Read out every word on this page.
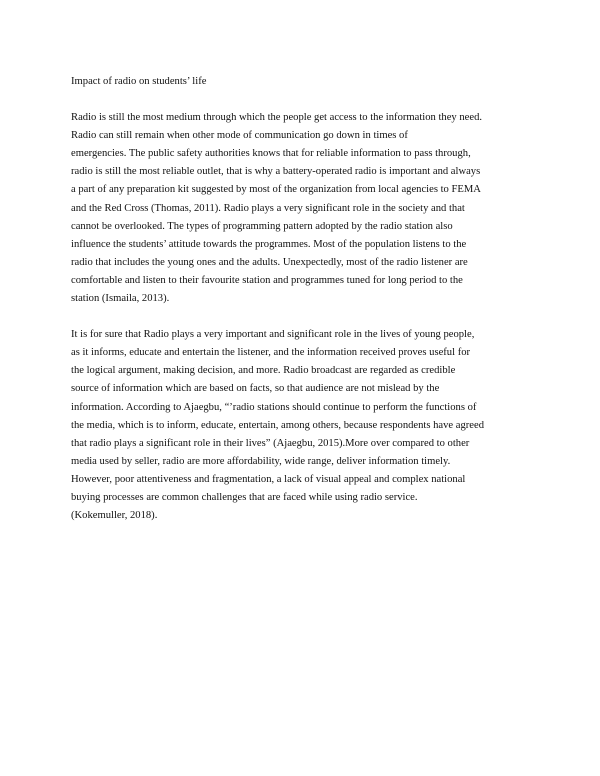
Impact of radio on students’ life
Radio is still the most medium through which the people get access to the information they need.
Radio can still remain when other mode of communication go down in times of
emergencies. The public safety authorities knows that for reliable information to pass through,
radio is still the most reliable outlet, that is why a battery-operated radio is important and always
a part of any preparation kit suggested by most of the organization from local agencies to FEMA
and the Red Cross (Thomas, 2011). Radio plays a very significant role in the society and that
cannot be overlooked. The types of programming pattern adopted by the radio station also
influence the students’ attitude towards the programmes. Most of the population listens to the
radio that includes the young ones and the adults. Unexpectedly, most of the radio listener are
comfortable and listen to their favourite station and programmes tuned for long period to the
station (Ismaila, 2013).
It is for sure that Radio plays a very important and significant role in the lives of young people,
as it informs, educate and entertain the listener, and the information received proves useful for
the logical argument, making decision, and more. Radio broadcast are regarded as credible
source of information which are based on facts, so that audience are not mislead by the
information. According to Ajaegbu, “’radio stations should continue to perform the functions of
the media, which is to inform, educate, entertain, among others, because respondents have agreed
that radio plays a significant role in their lives” (Ajaegbu, 2015).More over compared to other
media used by seller, radio are more affordability, wide range, deliver information timely.
However, poor attentiveness and fragmentation, a lack of visual appeal and complex national
buying processes are common challenges that are faced while using radio service.
(Kokemuller, 2018).
